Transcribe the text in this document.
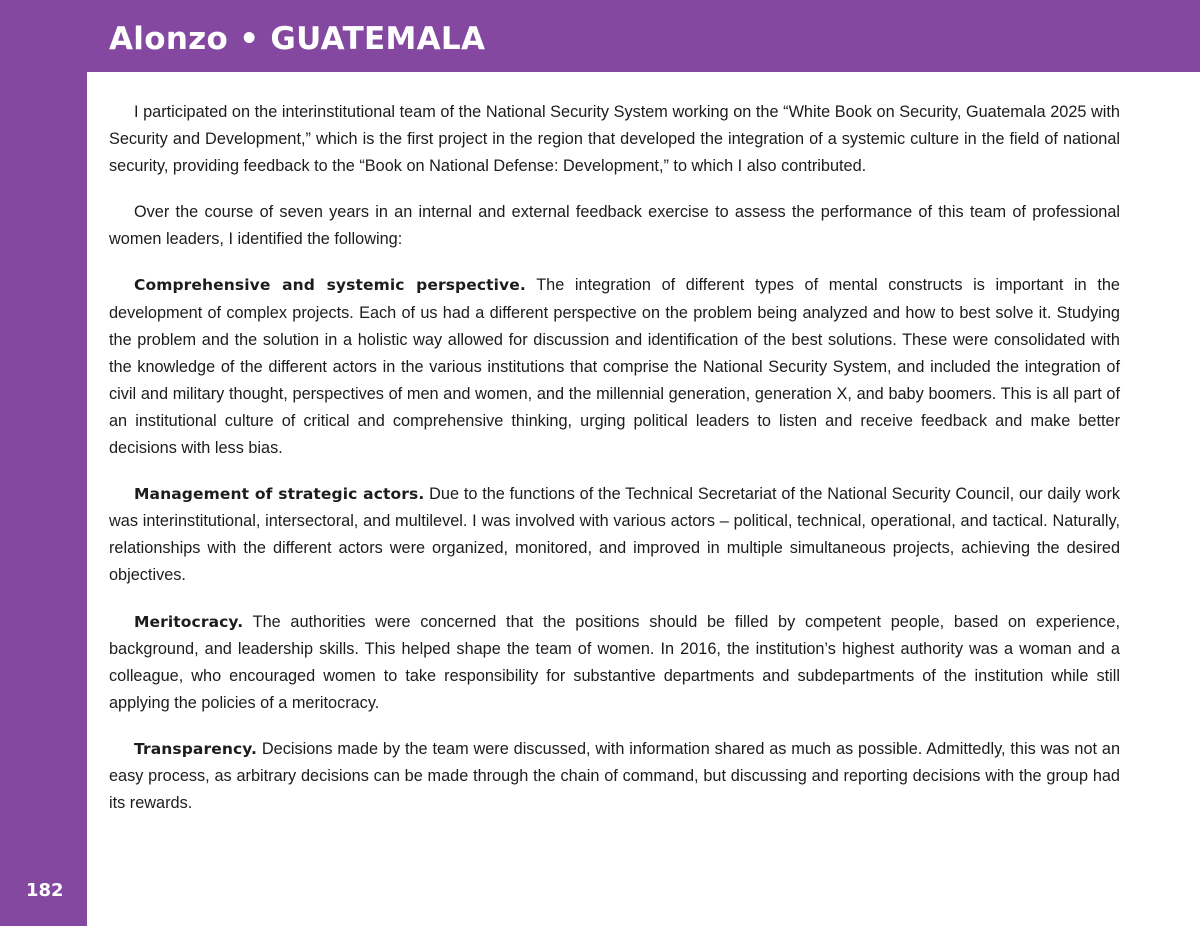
Alonzo • GUATEMALA

I participated on the interinstitutional team of the National Security System working on the “White Book on Security, Guatemala 2025 with Security and Development,” which is the first project in the region that developed the integration of a systemic culture in the field of national security, providing feedback to the “Book on National Defense: Development,” to which I also contributed.

Over the course of seven years in an internal and external feedback exercise to assess the performance of this team of professional women leaders, I identified the following:

Comprehensive and systemic perspective. The integration of different types of mental constructs is important in the development of complex projects. Each of us had a different perspective on the problem being analyzed and how to best solve it. Studying the problem and the solution in a holistic way allowed for discussion and identification of the best solutions. These were consolidated with the knowledge of the different actors in the various institutions that comprise the National Security System, and included the integration of civil and military thought, perspectives of men and women, and the millennial generation, generation X, and baby boomers. This is all part of an institutional culture of critical and comprehensive thinking, urging political leaders to listen and receive feedback and make better decisions with less bias.

Management of strategic actors. Due to the functions of the Technical Secretariat of the National Security Council, our daily work was interinstitutional, intersectoral, and multilevel. I was involved with various actors – political, technical, operational, and tactical. Naturally, relationships with the different actors were organized, monitored, and improved in multiple simultaneous projects, achieving the desired objectives.

Meritocracy. The authorities were concerned that the positions should be filled by competent people, based on experience, background, and leadership skills. This helped shape the team of women. In 2016, the institution’s highest authority was a woman and a colleague, who encouraged women to take responsibility for substantive departments and subdepartments of the institution while still applying the policies of a meritocracy.

Transparency. Decisions made by the team were discussed, with information shared as much as possible. Admittedly, this was not an easy process, as arbitrary decisions can be made through the chain of command, but discussing and reporting decisions with the group had its rewards.

182
